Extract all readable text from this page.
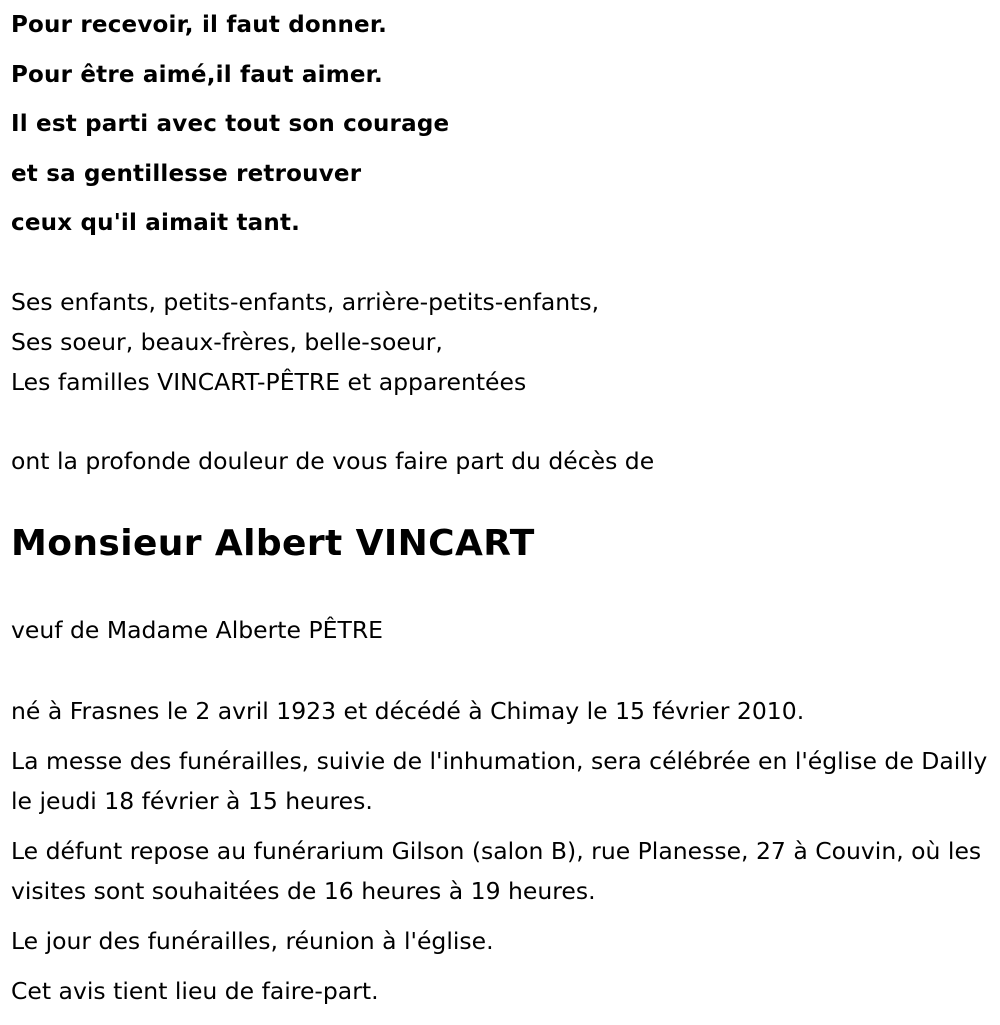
Pour recevoir, il faut donner.

Pour être aimé,il faut aimer.

Il est parti avec tout son courage

et sa gentillesse retrouver

ceux qu'il aimait tant.

Ses enfants, petits-enfants, arrière-petits-enfants,

Ses soeur, beaux-frères, belle-soeur,

Les familles VINCART-PÊTRE et apparentées

ont la profonde douleur de vous faire part du décès de

Monsieur Albert VINCART

veuf de Madame Alberte PÊTRE

né à Frasnes le 2 avril 1923 et décédé à Chimay le 15 février 2010.

La messe des funérailles, suivie de l'inhumation, sera célébrée en l'église de Dailly le jeudi 18 février à 15 heures.

Le défunt repose au funérarium Gilson (salon B), rue Planesse, 27 à Couvin, où les visites sont souhaitées de 16 heures à 19 heures.

Le jour des funérailles, réunion à l'église.

Cet avis tient lieu de faire-part.
